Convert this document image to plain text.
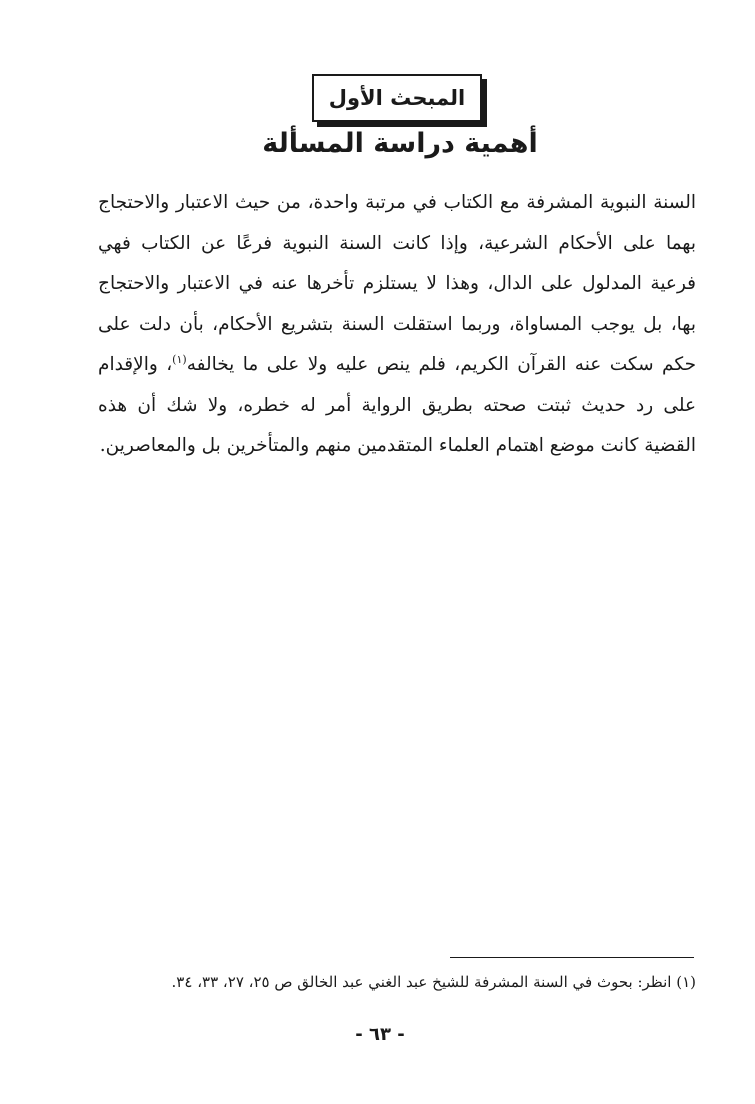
المبحث الأول
أهمية دراسة المسألة

السنة النبوية المشرفة مع الكتاب في مرتبة واحدة، من حيث الاعتبار والاحتجاج بهما على الأحكام الشرعية، وإذا كانت السنة النبوية فرعًا عن الكتاب فهي فرعية المدلول على الدال، وهذا لا يستلزم تأخرها عنه في الاعتبار والاحتجاج بها، بل يوجب المساواة، وربما استقلت السنة بتشريع الأحكام، بأن دلت على حكم سكت عنه القرآن الكريم، فلم ينص عليه ولا على ما يخالفه$^{(١)}$، والإقدام على رد حديث ثبتت صحته بطريق الرواية أمر له خطره، ولا شك أن هذه القضية كانت موضع اهتمام العلماء المتقدمين منهم والمتأخرين بل والمعاصرين.

(١) انظر: بحوث في السنة المشرفة للشيخ عبد الغني عبد الخالق ص ٢٥، ٢٧، ٣٣، ٣٤.
- ٦٣ -
